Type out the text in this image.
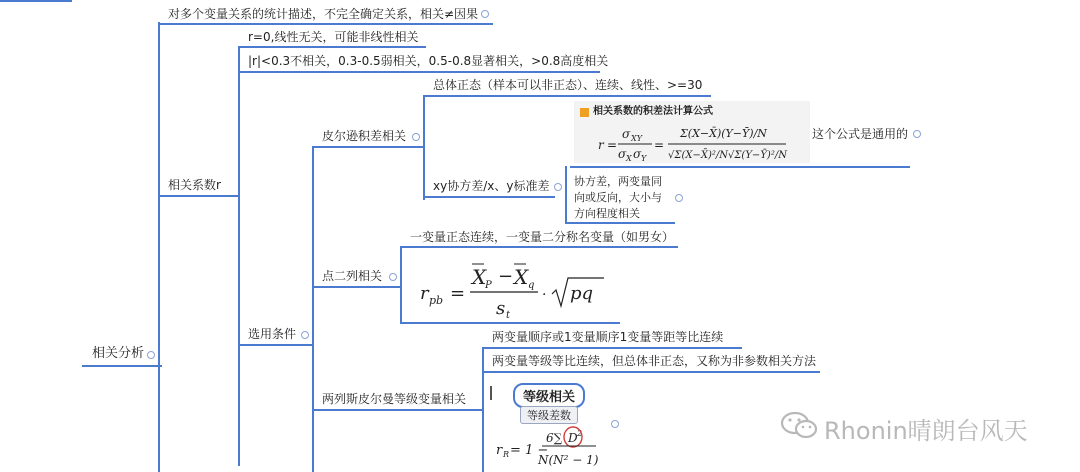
相关分析
对多个变量关系的统计描述，不完全确定关系，相关≠因果
相关系数r
r=0,线性无关，可能非线性相关
|r|<0.3不相关，0.3-0.5弱相关，0.5-0.8显著相关，>0.8高度相关
选用条件
皮尔逊积差相关
总体正态（样本可以非正态）、连续、线性、>=30
相关系数的积差法计算公式
r =
σ XY
σ X σ Y
=
Σ(X−X̄)(Y−Ȳ)/N
√Σ(X−X̄)²/N√Σ(Y−Ȳ)²/N
这个公式是通用的
xy协方差/x、y标准差 协方差，两变量同
向或反向，大小与
方向程度相关
点二列相关
一变量正态连续，一变量二分称名变量（如男女）
r pb =
X
P − X q
s t
· pq
两列斯皮尔曼等级变量相关
两变量顺序或1变量顺序1变量等距等比连续
两变量等级等比连续，但总体非正态，又称为非参数相关方法
等级相关
等级差数
r R = 1 −
6∑ D 2
N(N² − 1)
Rhonin晴朗台风天
